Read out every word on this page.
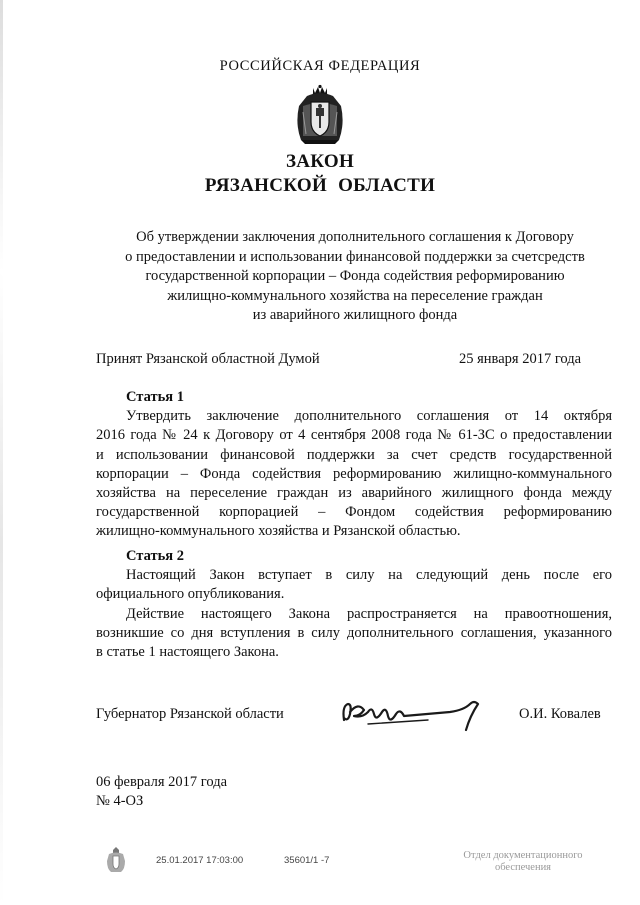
РОССИЙСКАЯ ФЕДЕРАЦИЯ
ЗАКОН
РЯЗАНСКОЙ ОБЛАСТИ
Об утверждении заключения дополнительного соглашения к Договору
о предоставлении и использовании финансовой поддержки за счетсредств
государственной корпорации – Фонда содействия реформированию
жилищно-коммунального хозяйства на переселение граждан
из аварийного жилищного фонда
Принят Рязанской областной Думой	25 января 2017 года
Статья 1
Утвердить заключение дополнительного соглашения от 14 октября
2016 года № 24 к Договору от 4 сентября 2008 года № 61-ЗС о предоставлении
и использовании финансовой поддержки за счет средств государственной
корпорации – Фонда содействия реформированию жилищно-коммунального
хозяйства на переселение граждан из аварийного жилищного фонда между
государственной корпорацией – Фондом содействия реформированию
жилищно-коммунального хозяйства и Рязанской областью.
Статья 2
Настоящий Закон вступает в силу на следующий день после его
официального опубликования.
Действие настоящего Закона распространяется на правоотношения,
возникшие со дня вступления в силу дополнительного соглашения, указанного
в статье 1 настоящего Закона.
Губернатор Рязанской области	О.И. Ковалев
06 февраля 2017 года
№ 4-ОЗ
25.01.2017 17:03:00	35601/1 -7	Отдел документационного обеспечения
